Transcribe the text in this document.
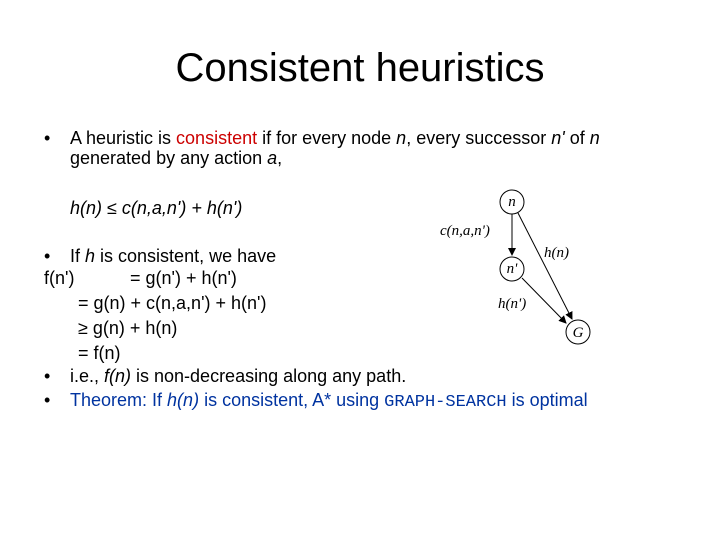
Consistent heuristics
• A heuristic is consistent if for every node n, every successor n' of n
generated by any action a,
h(n) ≤ c(n,a,n') + h(n')
• If h is consistent, we have
f(n')	= g(n') + h(n')
= g(n) + c(n,a,n') + h(n')
≥ g(n) + h(n)
= f(n)
• i.e., f(n) is non-decreasing along any path.
• Theorem: If h(n) is consistent, A* using GRAPH-SEARCH is optimal
n
n'
G
c(n,a,n')
h(n)
h(n')
